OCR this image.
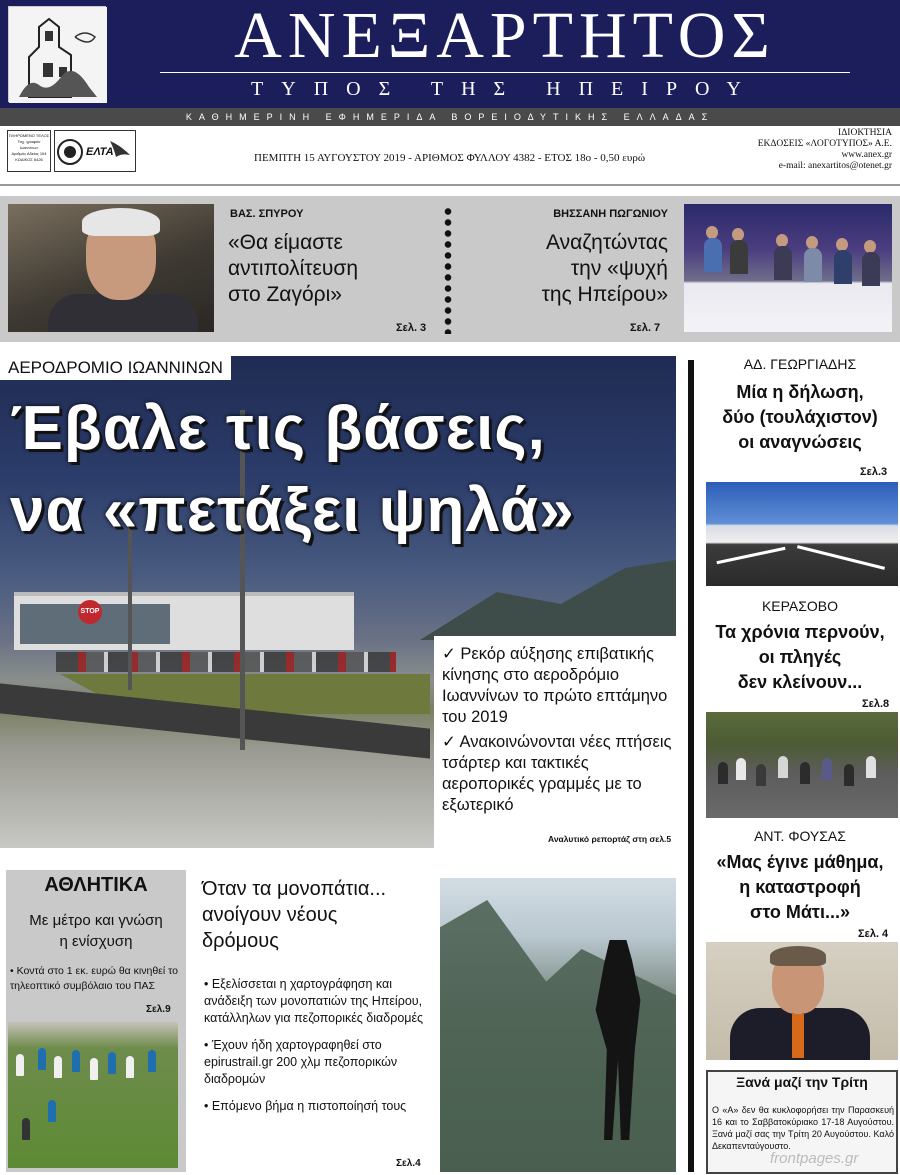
ΑΝΕΞΑΡΤΗΤΟΣ
ΤΥΠΟΣ ΤΗΣ ΗΠΕΙΡΟΥ
ΚΑΘΗΜΕΡΙΝΗ ΕΦΗΜΕΡΙΔΑ ΒΟΡΕΙΟΔΥΤΙΚΗΣ ΕΛΛΑΔΑΣ
ΠΛΗΡΩΜΕΝΟ ΤΕΛΟΣ
Ταχ. γραφείο
Ιωαννίνων
Αριθμός Αδείας 104
ΚΩΔΙΚΟΣ 6426
ΕΛΤΑ	ΠΕΜΠΤΗ 15 ΑΥΓΟΥΣΤΟΥ 2019 - ΑΡΙΘΜΟΣ ΦΥΛΛΟΥ 4382 - ΕΤΟΣ 18ο - 0,50 ευρώ
ΙΔΙΟΚΤΗΣΙΑ
ΕΚΔΟΣΕΙΣ «ΛΟΓΟΤΥΠΟΣ» Α.Ε.
www.anex.gr
e-mail: anexartitos@otenet.gr
ΒΑΣ. ΣΠΥΡΟΥ
«Θα είμαστε
αντιπολίτευση
στο Ζαγόρι»
Σελ. 3
ΒΗΣΣΑΝΗ ΠΩΓΩΝΙΟΥ
Αναζητώντας
την «ψυχή
της Ηπείρου»
Σελ. 7
STOP
ΑΕΡΟΔΡΟΜΙΟ ΙΩΑΝΝΙΝΩΝ
Έβαλε τις βάσεις,
να «πετάξει ψηλά»
✓ Ρεκόρ αύξησης επιβατικής κίνησης στο αεροδρόμιο Ιωαννίνων το πρώτο επτάμηνο του 2019
✓ Ανακοινώνονται νέες πτήσεις τσάρτερ και τακτικές αεροπορικές γραμμές με το εξωτερικό
Αναλυτικό ρεπορτάζ στη σελ.5
ΑΔ. ΓΕΩΡΓΙΑΔΗΣ
Μία η δήλωση,
δύο (τουλάχιστον)
οι αναγνώσεις
Σελ.3
ΚΕΡΑΣΟΒΟ
Τα χρόνια περνούν,
οι πληγές
δεν κλείνουν...
Σελ.8
ΑΝΤ. ΦΟΥΣΑΣ
«Μας έγινε μάθημα,
η καταστροφή
στο Μάτι...»
Σελ. 4
Ξανά μαζί την Τρίτη
Ο «Α» δεν θα κυκλοφορήσει την Παρασκευή 16 και το Σαββατοκύριακο 17-18 Αυγούστου. Ξανά μαζί σας την Τρίτη 20 Αυγούστου. Καλό Δεκαπενταύγουστο.
frontpages.gr
ΑΘΛΗΤΙΚΑ
Με μέτρο και γνώση
η ενίσχυση
• Κοντά στο 1 εκ. ευρώ θα κινηθεί το τηλεοπτικό συμβόλαιο του ΠΑΣ
Σελ.9
Όταν τα μονοπάτια...
ανοίγουν νέους
δρόμους
• Εξελίσσεται η χαρτογράφηση και ανάδειξη των μονοπατιών της Ηπείρου, κατάλληλων για πεζοπορικές διαδρομές
• Έχουν ήδη χαρτογραφηθεί στο epirustrail.gr 200 χλμ πεζοπορικών διαδρομών
• Επόμενο βήμα η πιστοποίησή τους
Σελ.4
